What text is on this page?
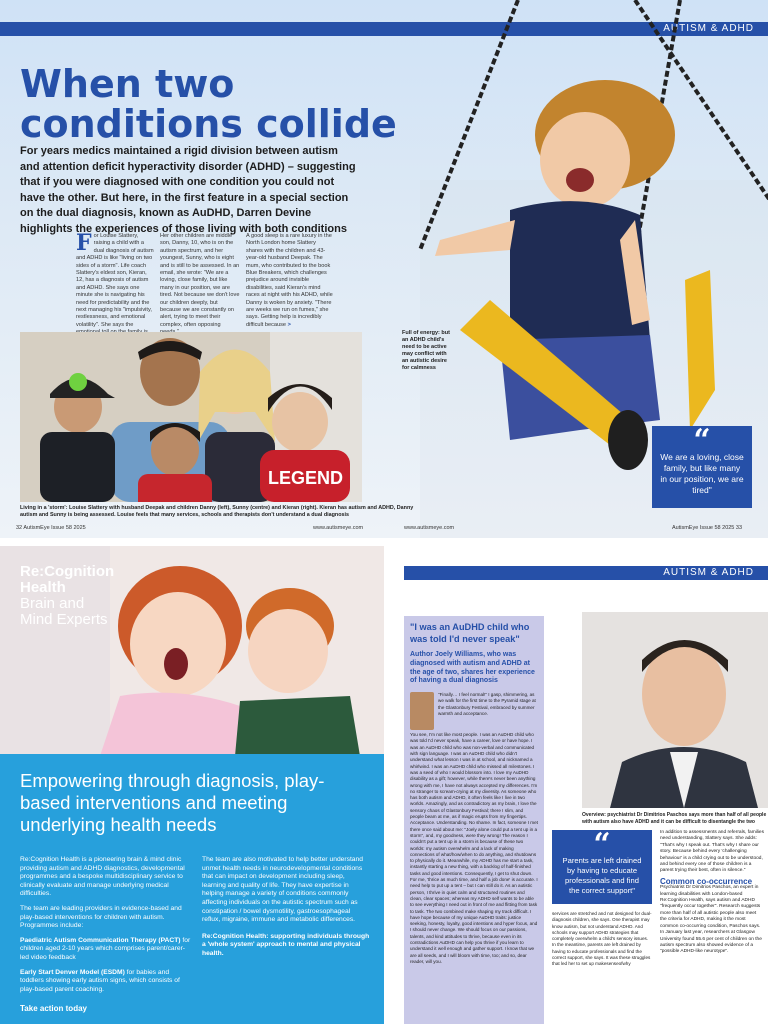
AUTISM & ADHD
When two
conditions collide
For years medics maintained a rigid division between autism and attention deficit hyperactivity disorder (ADHD) – suggesting that if you were diagnosed with one condition you could not have the other. But here, in the first feature in a special section on the dual diagnosis, known as AuDHD, Darren Devine highlights the experiences of those living with both conditions
F or Louise Slattery, raising a child with a dual diagnosis of autism and ADHD is like "living on two sides of a storm". Life coach Slattery's eldest son, Kieran, 12, has a diagnosis of autism and ADHD. She says one minute she is navigating his need for predictability and the next managing his "impulsivity, restlessness, and emotional volatility". She says the
Her other children are middle son, Danny, 10, who is on the autism spectrum, and her youngest, Sunny, who is eight and is still to be assessed. In an email, she wrote: "We are a loving, close family, but like many in our position, we are tired. Not because we don't love our children deeply, but because we are constantly on alert, trying to meet their complex, often opposing
A good sleep is a rare luxury in the North London home Slattery shares with the children and 43-year-old husband Deepak. The mum, who contributed to the book Blue Breakers, which challenges prejudice around invisible disabilities, said Kieran's mind races at night with his ADHD, while Danny is woken by anxiety. "There are weeks we run on fumes," she says. Getting help is incredibly difficult because >
LEGEND
Living in a 'storm': Louise Slattery with husband Deepak and children Danny (left), Sunny (centre) and Kieran (right). Kieran has autism and ADHD, Danny autism and Sunny is being assessed. Louise feels that many services, schools and therapists don't understand a dual diagnosis
Full of energy: but an ADHD child's need to be active may conflict with an autistic desire for calmness
“
We are a loving, close family, but like many in our position, we are tired"
32 AutismEye Issue 58 2025	www.autismeye.com	www.autismeye.com	AutismEye Issue 58 2025 33
Re:Cognition
Health
Brain and
Mind Experts
Empowering through diagnosis, play-based interventions and meeting underlying health needs

Re:Cognition Health is a pioneering brain & mind clinic providing autism and ADHD diagnostics, developmental programmes and a bespoke multidisciplinary service to clinically evaluate and manage underlying medical difficulties.

The team are leading providers in evidence-based and play-based interventions for children with autism. Programmes include:

Paediatric Autism Communication Therapy (PACT) for children aged 2-10 years which comprises parent/carer-led video feedback

Early Start Denver Model (ESDM) for babies and toddlers showing early autism signs, which consists of play-based parent coaching.

The team are also motivated to help better understand unmet health needs in neurodevelopmental conditions that can impact on development including sleep, learning and quality of life. They have expertise in helping manage a variety of conditions commonly affecting individuals on the autistic spectrum such as constipation / bowel dysmotility, gastroesophageal reflux, migraine, immune and metabolic differences.

Re:Cognition Health: supporting individuals through a 'whole system' approach to mental and physical health.

Take action today
AUTISM & ADHD
"I was an AuDHD child who was told I'd never speak"
Author Joely Williams, who was diagnosed with autism and ADHD at the age of two, shares her experience of having a dual diagnosis
"Finally… I feel normal!" I gasp, shimmering, as we walk for the first time to the Pyramid stage at the Glastonbury Festival, embraced by summer warmth and acceptance.
You see, I'm not like most people. I was an AuDHD child who was told I'd never speak, have a career, love or have hope. I was an AuDHD child who was non-verbal and communicated with sign language. I was an AuDHD child who didn't understand what lesson I was in at school, and nicknamed a whirlwind. I was an AuDHD child who missed all milestones. I was a seed of who I would blossom into. I love my AuDHD disability as a gift; however, while there's never been anything wrong with me, I have not always accepted my differences. I'm no stranger to scream-crying at my diversity. As someone who has both autism and ADHD, it often feels like I live in two worlds. Amazingly, and as contradictory as my brain, I love the sensory chaos of Glastonbury Festival; there I slim, and people beam at me, as if magic erupts from my fingertips. Acceptance. Understanding. No shame. In fact, someone I met there once said about me: "Joely alone could put a tent up in a storm", and, my goodness, were they wrong! The reason I couldn't put a tent up in a storm is because of these two worlds: my autism overwhelm and a lack of making connections of what/how/when to do anything, and shutdowns to physically do it. Meanwhile, my ADHD has me start a task, instantly starting a new thing, with a backlog of half-finished tasks and good intentions. Consequently, I get to shut down. For me, 'thrice as much time, and half a job done' is accurate. I need help to put up a tent – but I can still do it. As an autistic person, I thrive in quiet calm and structured routines and clean, clear spaces; whereas my ADHD self wants to be able to see everything I need out in front of me and flitting from task to task. The two combined make shaping my track difficult. I have hope because of my unique AuDHD traits: justice seeking, honesty, loyalty, good intentions and hyper focus, and I should never change. We should focus on our passions, talents, and kind attitudes to thrive, because even in its contradictions AuDHD can help you thrive if you learn to understand it well enough and gather support. I know that we are all seeds, and I will bloom with time, too; and so, dear reader, will you.
Overview: psychiatrist Dr Dimitrios Paschos says more than half of all people with autism also have ADHD and it can be difficult to disentangle the two
“
Parents are left drained by having to educate professionals and find the correct support"
services are stretched and not designed for dual-diagnosis children, she says. One therapist may know autism, but not understand ADHD. And schools may support ADHD strategies that completely overwhelm a child's sensory issues. In the meantime, parents are left drained by having to educate professionals and find the correct support, she says. It was these struggles that led her to set up makesenseofwhy

In addition to assessments and referrals, families need understanding, Slattery says. She adds: "That's why I speak out. That's why I share our story. Because behind every 'challenging behaviour' is a child crying out to be understood, and behind every one of those children is a parent trying their best, often in silence."

Common co-occurrence

Psychiatrist Dr Dimitrios Paschos, an expert in learning disabilities with London-based Re:Cognition Health, says autism and ADHD "frequently occur together". Research suggests more than half of all autistic people also meet the criteria for ADHD, making it the most common co-occurring condition, Paschos says. In January last year, researchers at Glasgow University found 55.6 per cent of children on the autism spectrum also showed evidence of a "possible ADHD-like neurotype".
